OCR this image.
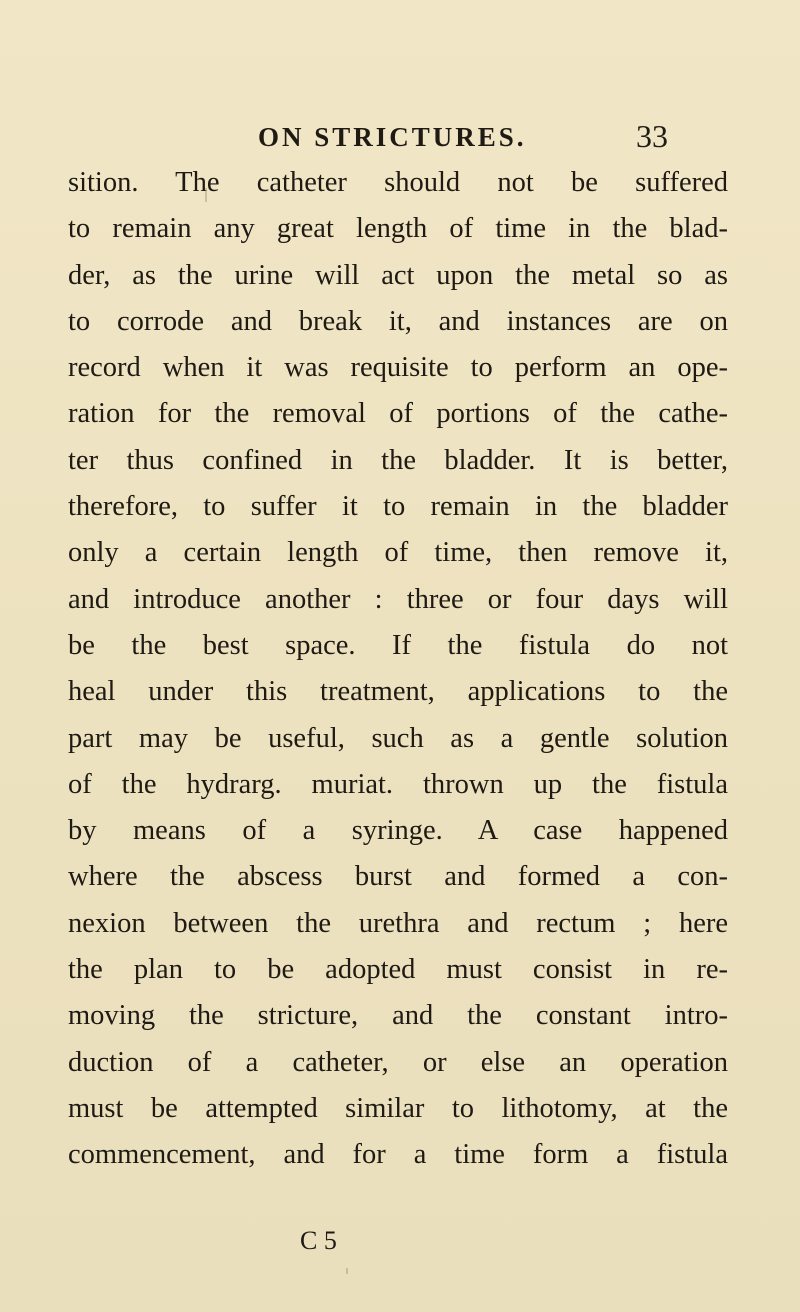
ON STRICTURES.	33
sition. The catheter should not be suffered
to remain any great length of time in the blad-
der, as the urine will act upon the metal so as
to corrode and break it, and instances are on
record when it was requisite to perform an ope-
ration for the removal of portions of the cathe-
ter thus confined in the bladder. It is better,
therefore, to suffer it to remain in the bladder
only a certain length of time, then remove it,
and introduce another : three or four days will
be the best space. If the fistula do not
heal under this treatment, applications to the
part may be useful, such as a gentle solution
of the hydrarg. muriat. thrown up the fistula
by means of a syringe. A case happened
where the abscess burst and formed a con-
nexion between the urethra and rectum ; here
the plan to be adopted must consist in re-
moving the stricture, and the constant intro-
duction of a catheter, or else an operation
must be attempted similar to lithotomy, at the
commencement, and for a time form a fistula
C 5
